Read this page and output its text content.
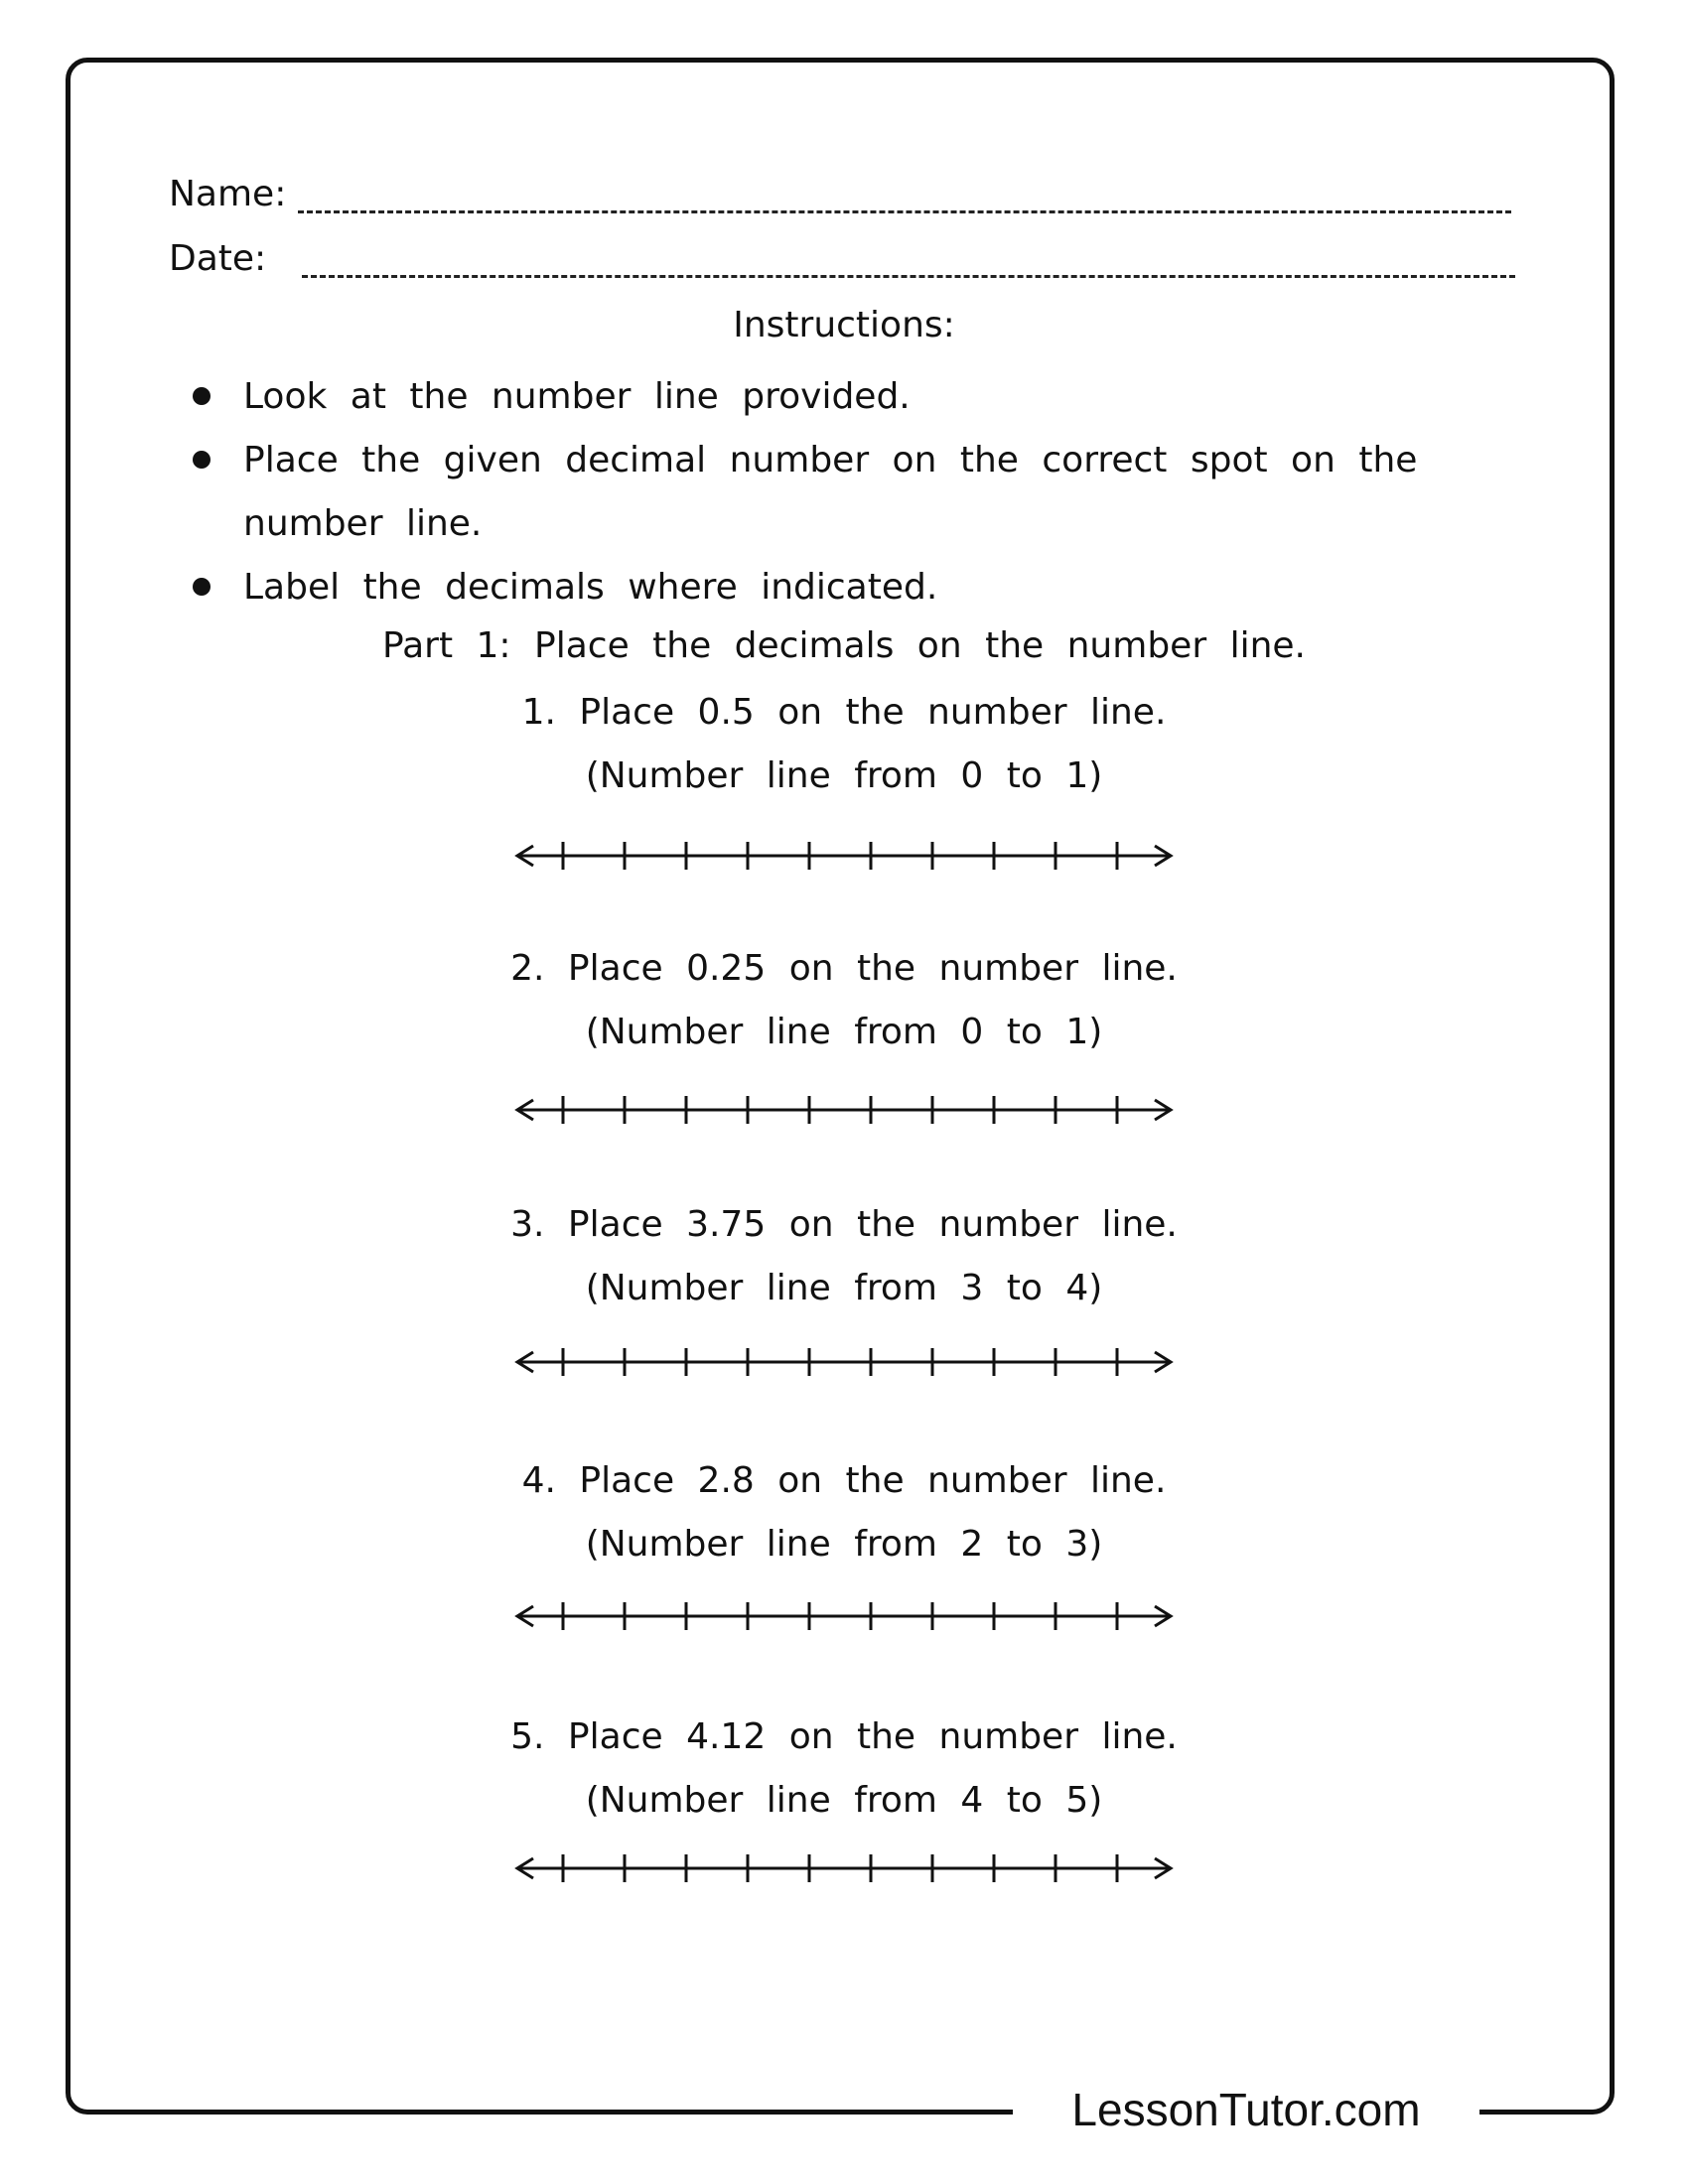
LessonTutor.com
Name:
Date:
Instructions:
Look at the number line provided.
Place the given decimal number on the correct spot on the number line.
Label the decimals where indicated.
Part 1: Place the decimals on the number line.
1. Place 0.5 on the number line.
(Number line from 0 to 1)
2. Place 0.25 on the number line.
(Number line from 0 to 1)
3. Place 3.75 on the number line.
(Number line from 3 to 4)
4. Place 2.8 on the number line.
(Number line from 2 to 3)
5. Place 4.12 on the number line.
(Number line from 4 to 5)
